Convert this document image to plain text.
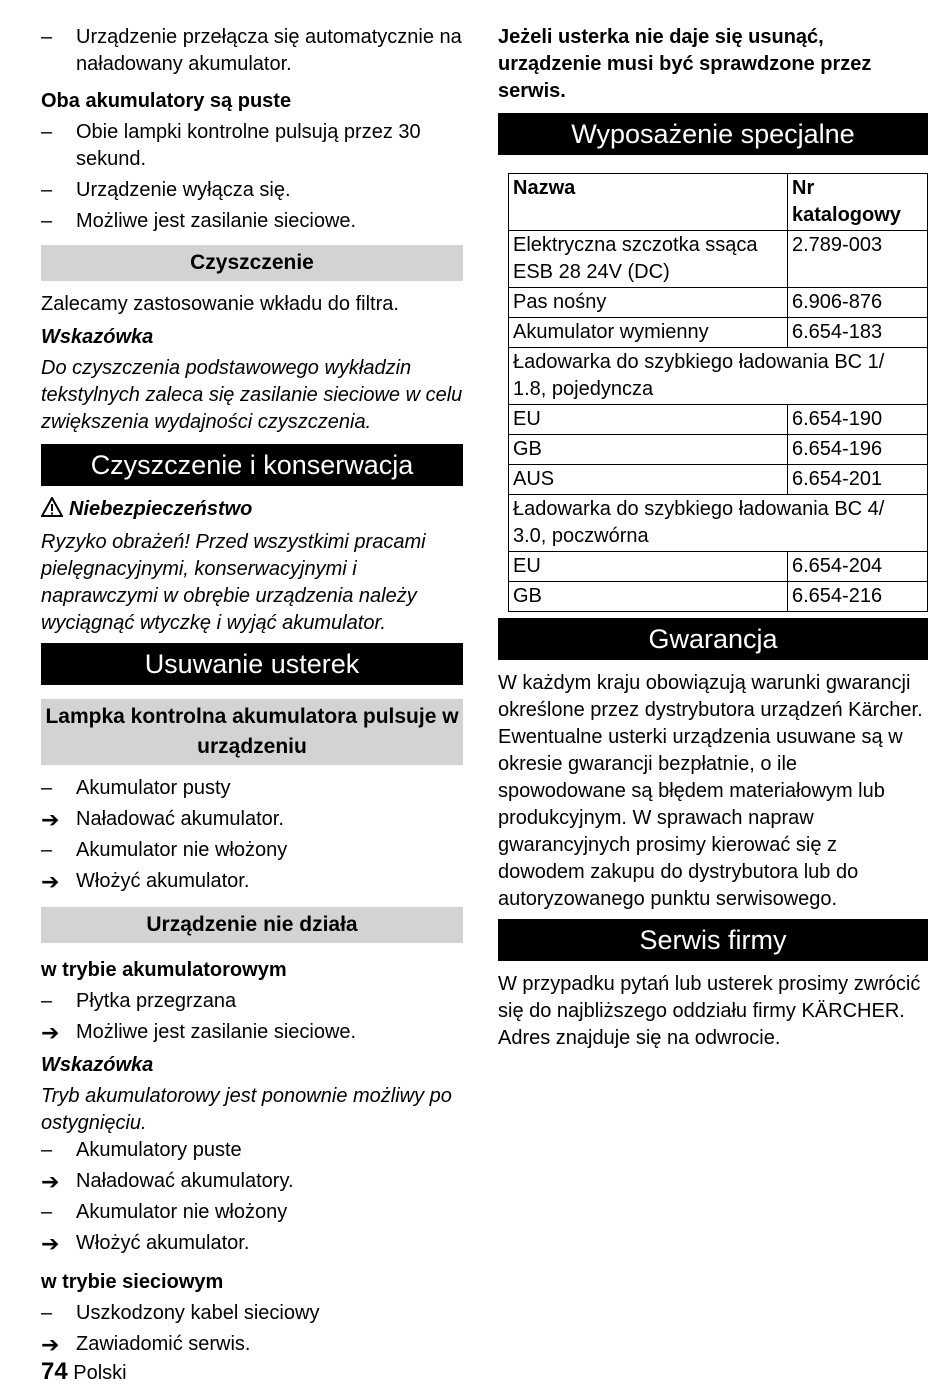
–	Urządzenie przełącza się automatycznie na naładowany akumulator.

Oba akumulatory są puste

–	Obie lampki kontrolne pulsują przez 30 sekund.
–	Urządzenie wyłącza się.
–	Możliwe jest zasilanie sieciowe.
Czyszczenie

Zalecamy zastosowanie wkładu do filtra.

Wskazówka

Do czyszczenia podstawowego wykładzin tekstylnych zaleca się zasilanie sieciowe w celu zwiększenia wydajności czyszczenia.

Czyszczenie i konserwacja

Niebezpieczeństwo

Ryzyko obrażeń! Przed wszystkimi pracami pielęgnacyjnymi, konserwacyjnymi i naprawczymi w obrębie urządzenia należy wyciągnąć wtyczkę i wyjąć akumulator.

Usuwanie usterek
Lampka kontrolna akumulatora pulsuje w urządzeniu
–	Akumulator pusty
➔ Naładować akumulator.
–	Akumulator nie włożony
➔ Włożyć akumulator.
Urządzenie nie działa

w trybie akumulatorowym

–	Płytka przegrzana
➔ Możliwe jest zasilanie sieciowe.

Wskazówka

Tryb akumulatorowy jest ponownie możliwy po ostygnięciu.

–	Akumulatory puste
➔ Naładować akumulatory.
–	Akumulator nie włożony
➔ Włożyć akumulator.

w trybie sieciowym

–	Uszkodzony kabel sieciowy
➔ Zawiadomić serwis.

Jeżeli usterka nie daje się usunąć, urządzenie musi być sprawdzone przez serwis.

Wyposażenie specjalne
Nazwa	Nr katalogowy
Elektryczna szczotka ssąca ESB 28 24V (DC)	2.789-003
Pas nośny	6.906-876
Akumulator wymienny	6.654-183
Ładowarka do szybkiego ładowania BC 1/ 1.8, pojedyncza	
EU	6.654-190
GB	6.654-196
AUS	6.654-201
Ładowarka do szybkiego ładowania BC 4/ 3.0, poczwórna	
EU	6.654-204
GB	6.654-216
Gwarancja

W każdym kraju obowiązują warunki gwarancji określone przez dystrybutora urządzeń Kärcher. Ewentualne usterki urządzenia usuwane są w okresie gwarancji bezpłatnie, o ile spowodowane są błędem materiałowym lub produkcyjnym. W sprawach napraw gwarancyjnych prosimy kierować się z dowodem zakupu do dystrybutora lub do autoryzowanego punktu serwisowego.

Serwis firmy

W przypadku pytań lub usterek prosimy zwrócić się do najbliższego oddziału firmy KÄRCHER. Adres znajduje się na odwrocie.

74 Polski
